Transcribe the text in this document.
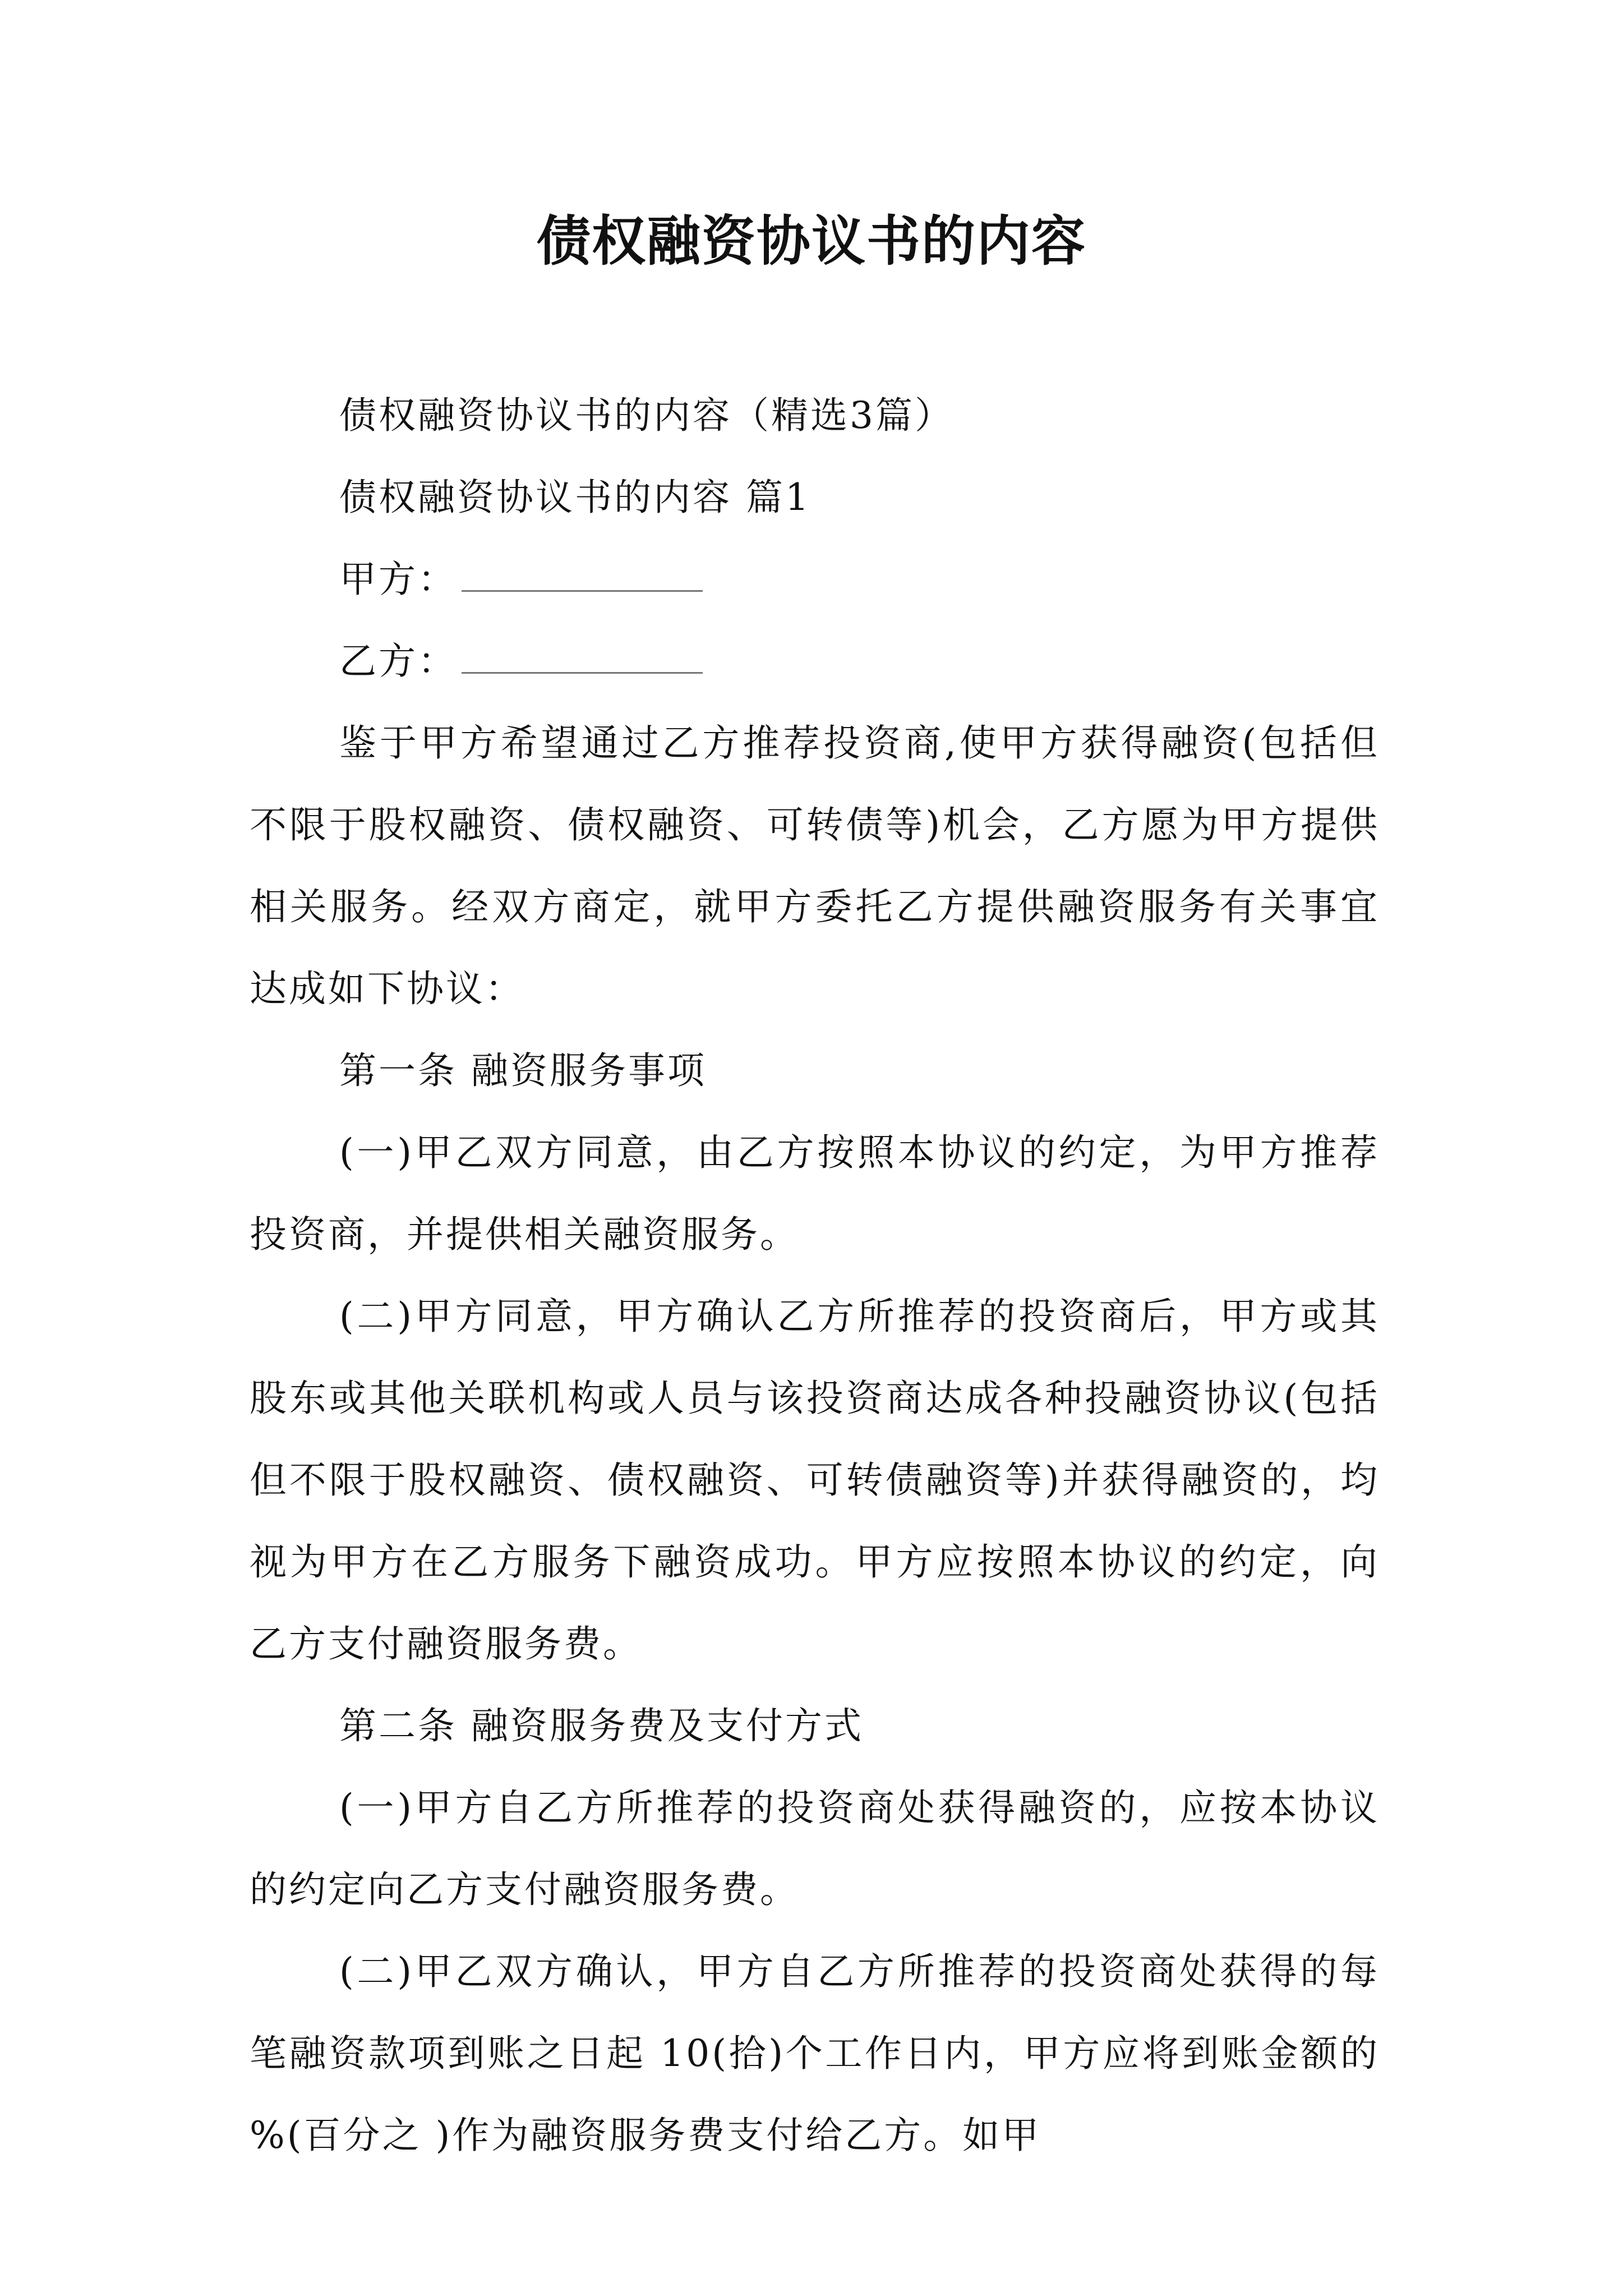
债权融资协议书的内容

债权融资协议书的内容（精选3篇）

债权融资协议书的内容 篇1

甲方：

乙方：

鉴于甲方希望通过乙方推荐投资商,使甲方获得融资(包括但不限于股权融资、债权融资、可转债等)机会，乙方愿为甲方提供相关服务。经双方商定，就甲方委托乙方提供融资服务有关事宜达成如下协议：

第一条 融资服务事项

(一)甲乙双方同意，由乙方按照本协议的约定，为甲方推荐投资商，并提供相关融资服务。

(二)甲方同意，甲方确认乙方所推荐的投资商后，甲方或其股东或其他关联机构或人员与该投资商达成各种投融资协议(包括但不限于股权融资、债权融资、可转债融资等)并获得融资的，均视为甲方在乙方服务下融资成功。甲方应按照本协议的约定，向乙方支付融资服务费。

第二条 融资服务费及支付方式

(一)甲方自乙方所推荐的投资商处获得融资的，应按本协议的约定向乙方支付融资服务费。

(二)甲乙双方确认，甲方自乙方所推荐的投资商处获得的每笔融资款项到账之日起 10(拾)个工作日内，甲方应将到账金额的 %(百分之 )作为融资服务费支付给乙方。如甲
